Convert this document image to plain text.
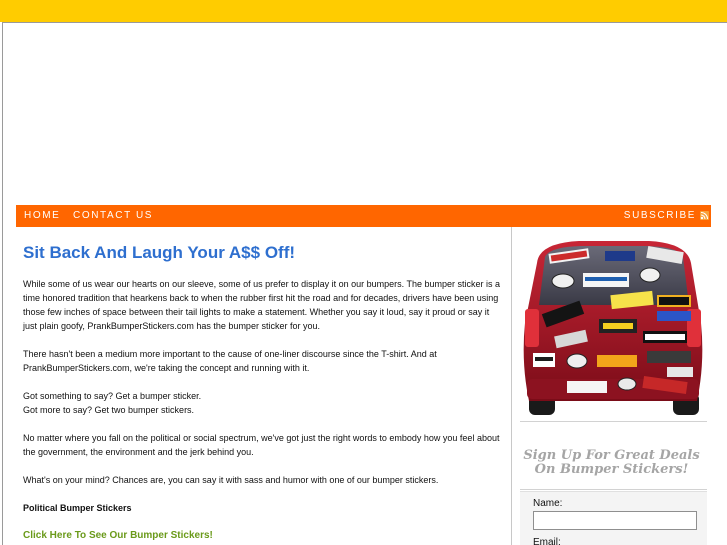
HOME CONTACT US	SUBSCRIBE
Sit Back And Laugh Your A$$ Off!

While some of us wear our hearts on our sleeve, some of us prefer to display it on our bumpers. The bumper sticker is a time honored tradition that hearkens back to when the rubber first hit the road and for decades, drivers have been using those few inches of space between their tail lights to make a statement. Whether you say it loud, say it proud or say it just plain goofy, PrankBumperStickers.com has the bumper sticker for you.

There hasn't been a medium more important to the cause of one-liner discourse since the T-shirt. And at PrankBumperStickers.com, we're taking the concept and running with it.

Got something to say? Get a bumper sticker.

Got more to say? Get two bumper stickers.

No matter where you fall on the political or social spectrum, we've got just the right words to embody how you feel about the government, the environment and the jerk behind you.

What's on your mind? Chances are, you can say it with sass and humor with one of our bumper stickers.

Political Bumper Stickers

Click Here To See Our Bumper Stickers!

Sign Up For Great Deals
On Bumper Stickers!
Name:
Email:
